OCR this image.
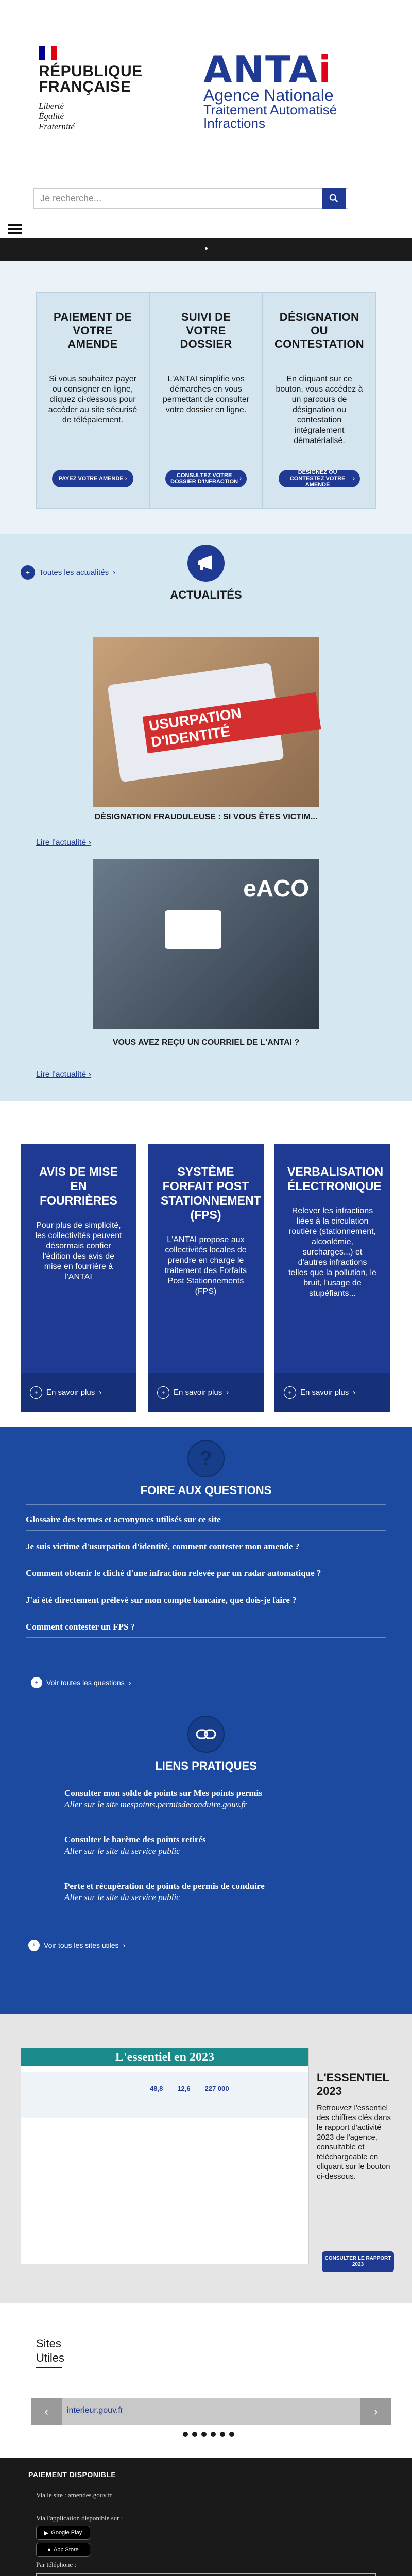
RÉPUBLIQUE
FRANÇAISE
Liberté
Égalité
Fraternité
ANTAi
Agence Nationale
Traitement Automatisé Infractions
Je recherche...
PAIEMENT DE VOTRE AMENDE

Si vous souhaitez payer ou consigner en ligne, cliquez ci-dessous pour accéder au site sécurisé de télépaiement.

PAYEZ VOTRE AMENDE ›
SUIVI DE VOTRE DOSSIER

L'ANTAI simplifie vos démarches en vous permettant de consulter votre dossier en ligne.

CONSULTEZ VOTRE DOSSIER D'INFRACTION ›
DÉSIGNATION OU CONTESTATION

En cliquant sur ce bouton, vous accédez à un parcours de désignation ou contestation intégralement dématérialisé.

DÉSIGNEZ OU CONTESTEZ VOTRE AMENDE
›
ACTUALITÉS
USURPATION D'IDENTITÉ
DÉSIGNATION FRAUDULEUSE : SI VOUS ÊTES VICTIM...
Lire l'actualité ›
eACO
VOUS AVEZ REÇU UN COURRIEL DE L'ANTAI ?
Lire l'actualité ›
+	Toutes les actualités ›
AVIS DE MISE EN FOURRIÈRES

Pour plus de simplicité, les collectivités peuvent désormais confier l'édition des avis de mise en fourrière à l'ANTAI

+	En savoir plus ›
SYSTÈME FORFAIT POST STATIONNEMENT (FPS)

L'ANTAI propose aux collectivités locales de prendre en charge le traitement des Forfaits Post Stationnements (FPS)

+	En savoir plus ›
VERBALISATION ÉLECTRONIQUE

Relever les infractions liées à la circulation routière (stationnement, alcoolémie, surcharges...) et d'autres infractions telles que la pollution, le bruit, l'usage de stupéfiants...

+	En savoir plus ›
?
FOIRE AUX QUESTIONS
Glossaire des termes et acronymes utilisés sur ce site
Je suis victime d'usurpation d'identité, comment contester mon amende ?
Comment obtenir le cliché d'une infraction relevée par un radar automatique ?
J'ai été directement prélevé sur mon compte bancaire, que dois-je faire ?
Comment contester un FPS ?
+	Voir toutes les questions ›
LIENS PRATIQUES
Consulter mon solde de points sur Mes points permis
Aller sur le site mespoints.permisdeconduire.gouv.fr
Consulter le barème des points retirés
Aller sur le site du service public
Perte et récupération de points de permis de conduire
Aller sur le site du service public
+	Voir tous les sites utiles ›
L'essentiel en 2023
48,8 12,6 227 000
L'ESSENTIEL 2023

Retrouvez l'essentiel des chiffres clés dans le rapport d'activité 2023 de l'agence, consultable et téléchargeable en cliquant sur le bouton ci-dessous.

CONSULTER LE RAPPORT 2023
Sites
Utiles
‹	interieur.gouv.fr	›
PAIEMENT DISPONIBLE
Via le site : amendes.gouv.fr
Via l'application disponible sur :
▶ Google Play
● App Store
Par téléphone :
